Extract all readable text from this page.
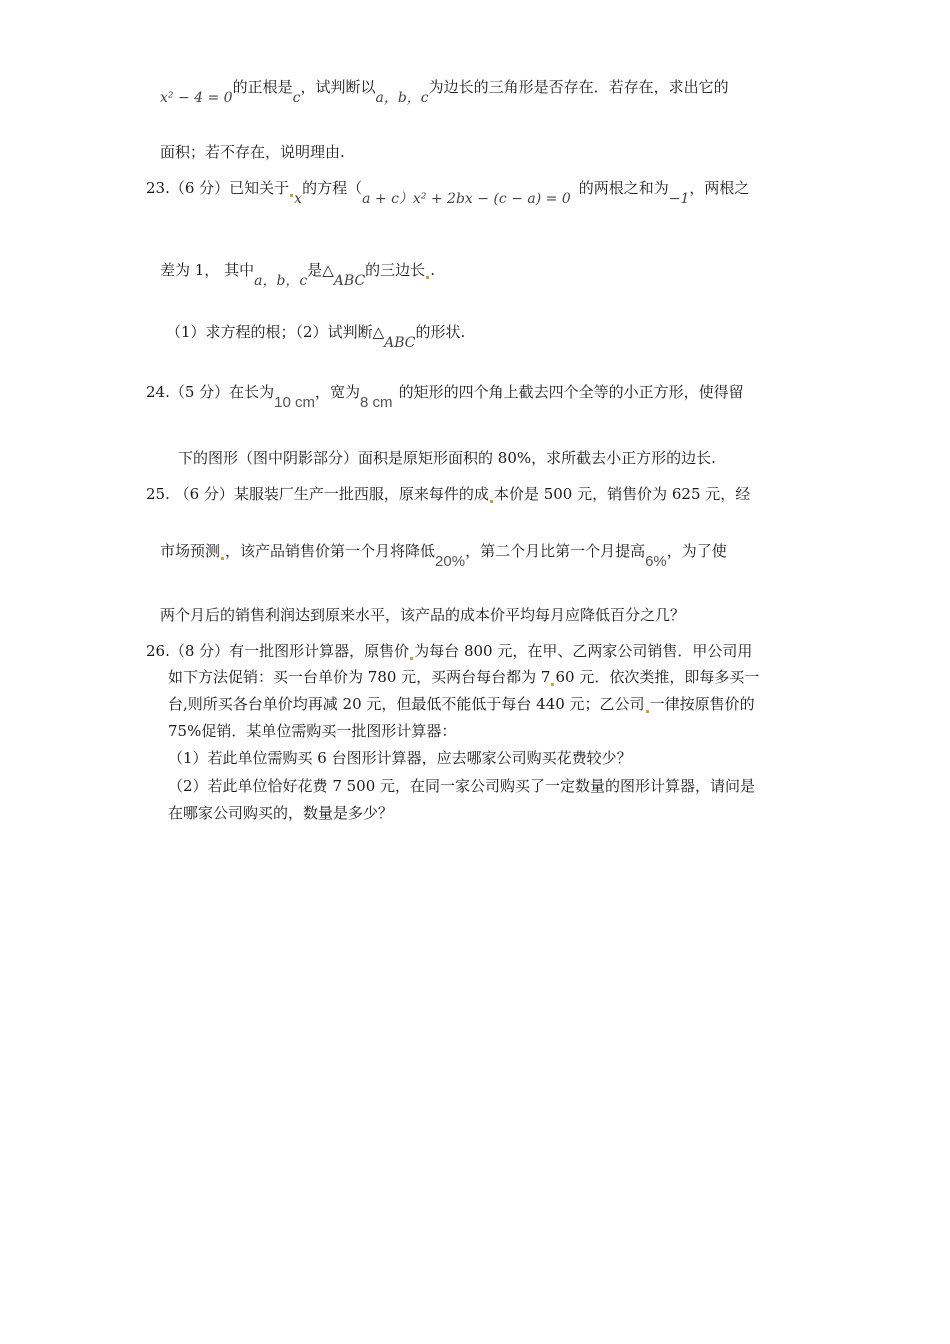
x² − 4 = 0的正根是c，试判断以a，b，c为边长的三角形是否存在．若存在，求出它的
面积；若不存在，说明理由.
23.（6 分）已知关于x的方程（a + c）x² + 2bx − (c − a) = 0的两根之和为−1，两根之
差为 1， 其中a，b，c是△ABC的三边长 .
（1）求方程的根；（2）试判断△ABC的形状.
24.（5 分）在长为10 cm，宽为8 cm的矩形的四个角上截去四个全等的小正方形，使得留
下的图形（图中阴影部分）面积是原矩形面积的 80%，求所截去小正方形的边长.
25. （6 分）某服装厂生产一批西服，原来每件的成 本价是 500 元，销售价为 625 元，经
市场预测 ，该产品销售价第一个月将降低20%，第二个月比第一个月提高6%，为了使
两个月后的销售利润达到原来水平，该产品的成本价平均每月应降低百分之几？
26.（8 分）有一批图形计算器，原售价 为每台 800 元，在甲、乙两家公司销售．甲公司用
如下方法促销：买一台单价为 780 元，买两台每台都为 7 60 元．依次类推，即每多买一
台,则所买各台单价均再减 20 元，但最低不能低于每台 440 元；乙公司 一律按原售价的
75%促销．某单位需购买一批图形计算器：
（1）若此单位需购买 6 台图形计算器，应去哪家公司购买花费较少？
（2）若此单位恰好花费 7 500 元，在同一家公司购买了一定数量的图形计算器，请问是
在哪家公司购买的，数量是多少？
